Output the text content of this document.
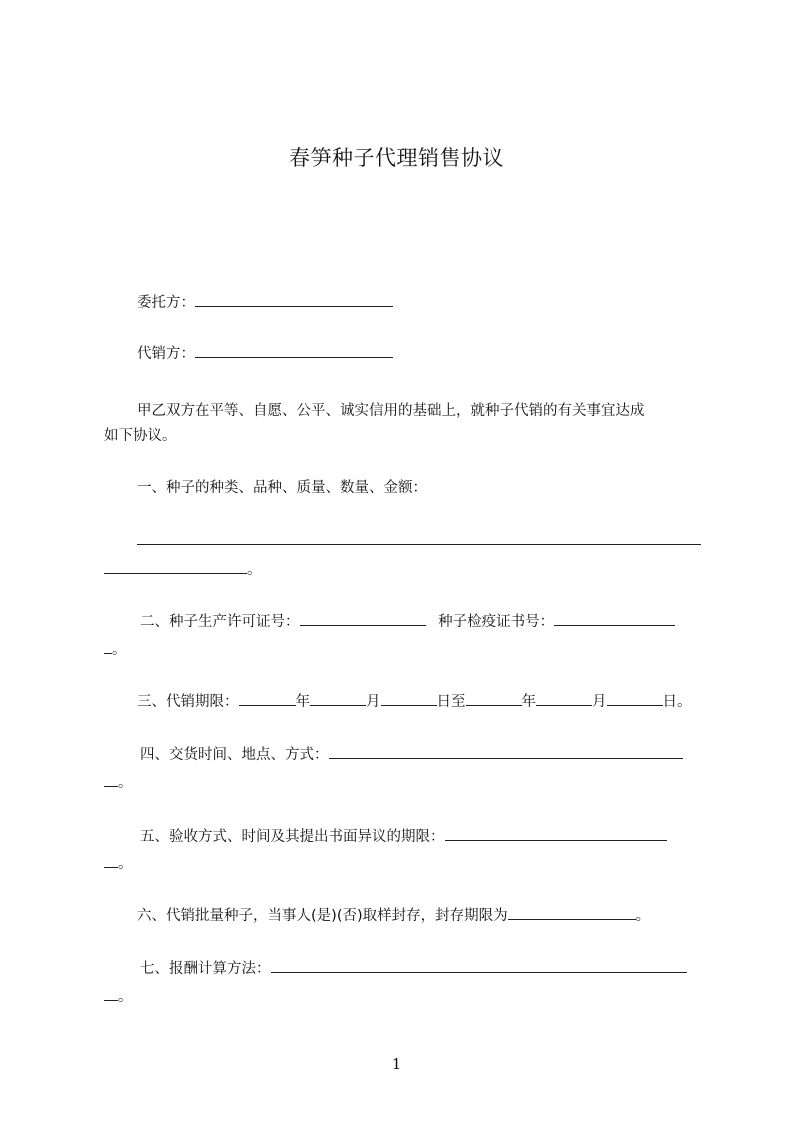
春笋种子代理销售协议
委托方：
代销方：
甲乙双方在平等、自愿、公平、诚实信用的基础上，就种子代销的有关事宜达成
如下协议。
一、种子的种类、品种、质量、数量、金额：
。
二、种子生产许可证号：	种子检疫证书号：
。
三、代销期限：	年	月	日至	年	月	日。
四、交货时间、地点、方式：
。
五、验收方式、时间及其提出书面异议的期限：
。
六、代销批量种子，当事人(是)(否)取样封存，封存期限为	。
七、报酬计算方法：
。
1
